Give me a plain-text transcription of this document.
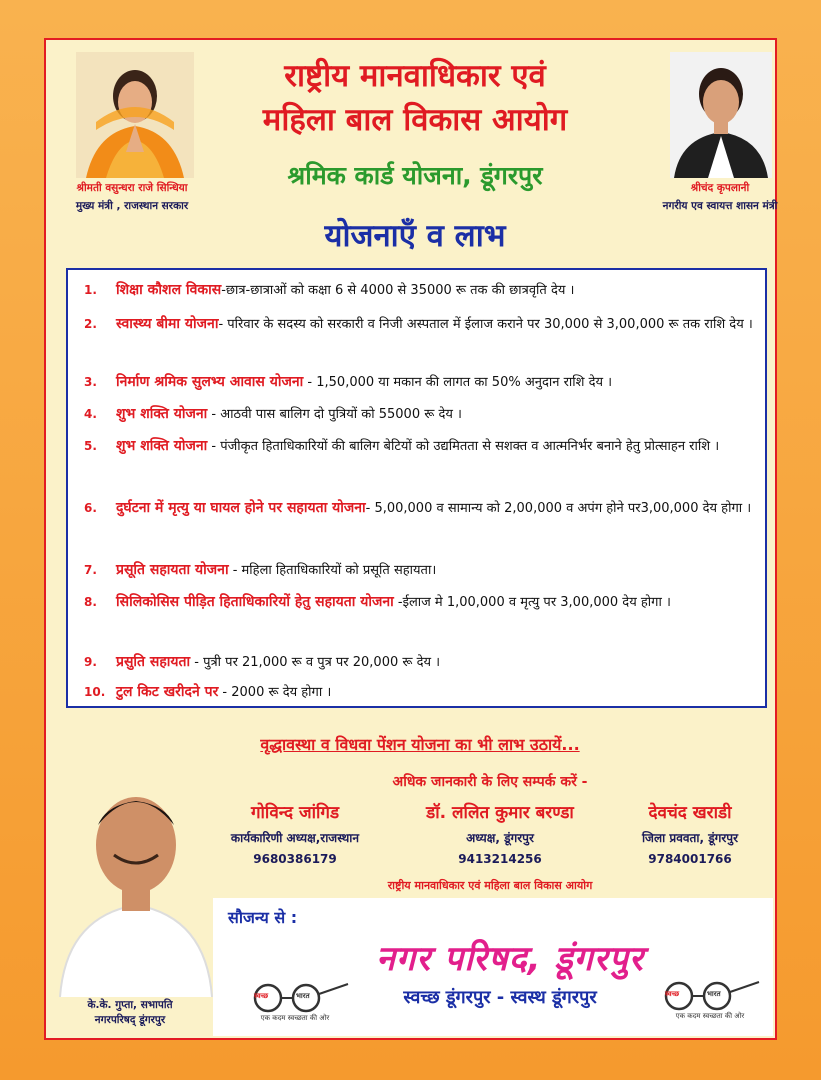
श्रीमती वसुन्धरा राजे सिन्धिया
मुख्य मंत्री , राजस्थान सरकार
श्रीचंद कृपलानी
नगरीय एव स्वायत्त शासन मंत्री
राष्ट्रीय मानवाधिकार एवं
महिला बाल विकास आयोग
श्रमिक कार्ड योजना, डूंगरपुर
योजनाएँ व लाभ
1. शिक्षा कौशल विकास-छात्र-छात्राओं को कक्षा 6 से 4000 से 35000 रू तक की छात्रवृति देय ।
2. स्वास्थ्य बीमा योजना- परिवार के सदस्य को सरकारी व निजी अस्पताल में ईलाज कराने पर 30,000 से 3,00,000 रू तक राशि देय ।
3. निर्माण श्रमिक सुलभ्य आवास योजना - 1,50,000 या मकान की लागत का 50% अनुदान राशि देय ।
4. शुभ शक्ति योजना - आठवी पास बालिग दो पुत्रियों को 55000 रू देय ।
5. शुभ शक्ति योजना - पंजीकृत हिताधिकारियों की बालिग बेटियों को उद्यमितता से सशक्त व आत्मनिर्भर बनाने हेतु प्रोत्साहन राशि ।
6. दुर्घटना में मृत्यु या घायल होने पर सहायता योजना- 5,00,000 व सामान्य को 2,00,000 व अपंग होने पर3,00,000 देय होगा ।
7. प्रसूति सहायता योजना - महिला हिताधिकारियों को प्रसूति सहायता।
8. सिलिकोसिस पीड़ित हिताधिकारियों हेतु सहायता योजना -ईलाज मे 1,00,000 व मृत्यु पर 3,00,000 देय होगा ।
9. प्रसुति सहायता - पुत्री पर 21,000 रू व पुत्र पर 20,000 रू देय ।
10. टुल किट खरीदने पर - 2000 रू देय होगा ।
वृद्धावस्था व विधवा पेंशन योजना का भी लाभ उठायें...
अधिक जानकारी के लिए सम्पर्क करें -
गोविन्द जांगिड
कार्यकारिणी अध्यक्ष,राजस्थान
9680386179
डॉ. ललित कुमार बरण्डा
अध्यक्ष, डूंगरपुर
9413214256
देवचंद खराडी
जिला प्रववता, डूंगरपुर
9784001766
राष्ट्रीय मानवाधिकार एवं महिला बाल विकास आयोग
सौजन्य से :
नगर परिषद, डूंगरपुर
स्वच्छ डूंगरपुर - स्वस्थ डूंगरपुर
स्वच्छ	भारत
एक कदम स्वच्छता की ओर
स्वच्छ	भारत
एक कदम स्वच्छता की ओर
के.के. गुप्ता, सभापति
नगरपरिषद् डूंगरपुर
